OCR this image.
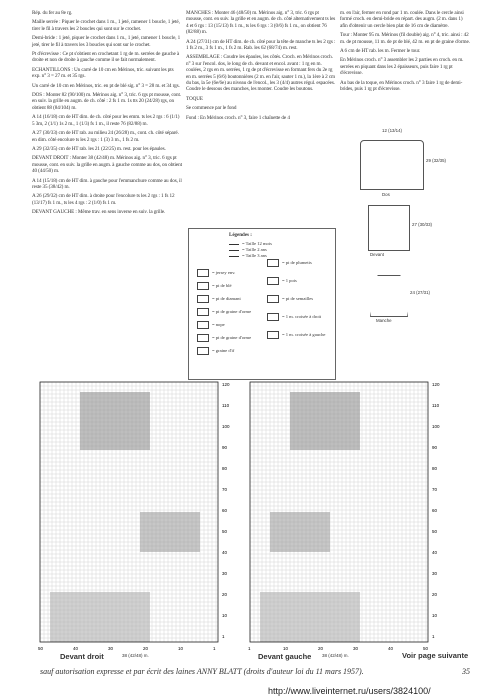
Rép. du fer au 8e rg.

Maille serrée : Piquer le crochet dans 1 m., 1 jeté, ramener 1 boucle, 1 jeté, tirer le fil à travers les 2 boucles qui sont sur le crochet.

Demi-bride : 1 jeté, piquer le crochet dans 1 m., 1 jeté, ramener 1 boucle, 1 jeté, tirer le fil à travers les 3 boucles qui sont sur le crochet.

Pt d'écrevisse : Ce pt s'obtient en crochetant 1 rg de m. serrées de gauche à droite et non de droite à gauche comme il se fait normalement.

ECHANTILLONS : Un carré de 10 cm en Mérinos, tric. suivant les pts exp. n° 3 = 27 m. et 35 rgs.

Un carré de 10 cm en Mérinos, tric. en pt de blé sig. n° 3 = 28 m. et 34 rgs.

DOS : Monter 82 (90/100) m. Mérinos aig. n° 3, tric. 6 rgs pt mousse, cont. en suiv. la grille en augm. de ch. côté : 2 fs 1 m. 1s tts 20 (24/28) rgs, on obtient 88 (84/104) m.

A 14 (16/18) cm de HT dim. de ch. côté pour les emm. ts les 2 rgs : 6 (1/1) 5 3m, 2 (1/1) 1s 2 m., 1 (1/3) fs 1 m., il reste 76 (82/88) m.

A 27 (30/33) cm de HT rab. au milieu 24 (26/28) m., cont. ch. côté séparé. en dim. côté encolure ts les 2 rgs : 1 (3) 3 m., 1 fs 2 m.

A 29 (32/35) cm de HT rab. les 21 (22/25) m. rest. pour les épaules.

DEVANT DROIT : Monter 38 (42/48) m. Mérinos aig. n° 3, tric. 6 rgs pt mousse, cont. en suiv. la grille en augm. à gauche comme au dos, on obtient 40 (44/50) m.

A 14 (15/18) cm de HT dim. à gauche pour l'emmanchure comme au dos, il reste 35 (38/42) m.

A 26 (29/32) cm de HT dim. à droite pour l'encolure ts les 2 rgs : 1 fs 12 (13/17) fs 1 m., ts les 4 rgs : 2 (1/0) fs 1 m.

DEVANT GAUCHE : Même trav. en sens inverse en suiv. la grille.

MANCHES : Monter 46 (48/50) m. Mérinos aig. n° 3, tric. 6 rgs pt mousse, cont. en suiv. la grille et en augm. de ch. côté alternativement ts les 4 et 6 rgs : 13 (15/13) fs 1 m., ts les 6 rgs : 3 (0/6) fs 1 m., on obtient 76 (82/88) m.

A 24 (27/31) cm de HT dim. de ch. côté pour la tête de manche ts les 2 rgs : 1 fs 2 m., 3 fs 1 m., 1 fs 2 m. Rab. les 62 (68/74) m. rest.

ASSEMBLAGE : Coudre les épaules, les côtés. Croch. en Mérinos croch. n° 3 sur l'encol. dos, le long de ch. devant et encol. avant : 1 rg en m. coulées, 2 rgs en m. serrées, 1 rg de pt d'écrevisse en formant fers du 2e rg en m. serrées 5 (6/6) boutonnières (2 m. en l'air, sauter 1 m.), la 1ère à 2 cm du bas, la 5e (6e/6e) au niveau de l'encol., les 3 (4/4) autres régul. espacées. Coudre le dessous des manches, les monter. Coudre les boutons.

TOQUE

Se commence par le fond

Fond : En Mérinos croch. n° 3, faire 1 chaînette de 4

m. en l'air, fermer en rond par 1 m. coulée. Dans le cercle ainsi formé croch. en demi-bride en répart. des augm. (2 m. dans 1) afin d'obtenir un cercle bien plat de 16 cm de diamètre.

Tour : Monter 95 m. Mérinos (fil double) aig. n° 4, tric. ainsi : 42 m. de pt mousse, 11 m. de pt de blé, 42 m. en pt de graine d'orme.

A 6 cm de HT rab. les m. Fermer le tour.

En Mérinos croch. n° 3 assembler les 2 parties en croch. en m. serrées en piquant dans les 2 épaisseurs, puis faire 1 rg pt d'écrevisse.

Au bas de la toque, en Mérinos croch. n° 3 faire 1 rg de demi-brides, puis 1 rg pt d'écrevisse.

12 (13/14)
Dos
29 (32/35)
Devant
27 (30/33)
Manche
24 (27/31)
Légendes :
= Taille 12 mois
= Taille 2 ans
= Taille 3 ans
= jersey env.
= pt de blé
= pt de diamant
= pt de graine d'orme
= nope
= pt de graine d'orme
= graine d'if
= pt de plumetis
= 1 pois
= pt de semailles
= 1 m. croisée à droit
= 1 m. croisée à gauche
120	120
110	110
100	100
90	90
80	80
70	70
60	60
50	50
40	40
30	30
20	20
10	10
1	1
50	40	30	20	10	1	1	10	20	30	40	50
Devant droit	38 (42/48) m.	Devant gauche 38 (42/48) m.	Voir page suivante
sauf autorisation expresse et par écrit des laines ANNY BLATT (droits d'auteur loi du 11 mars 1957).	35
http://www.liveinternet.ru/users/3824100/
